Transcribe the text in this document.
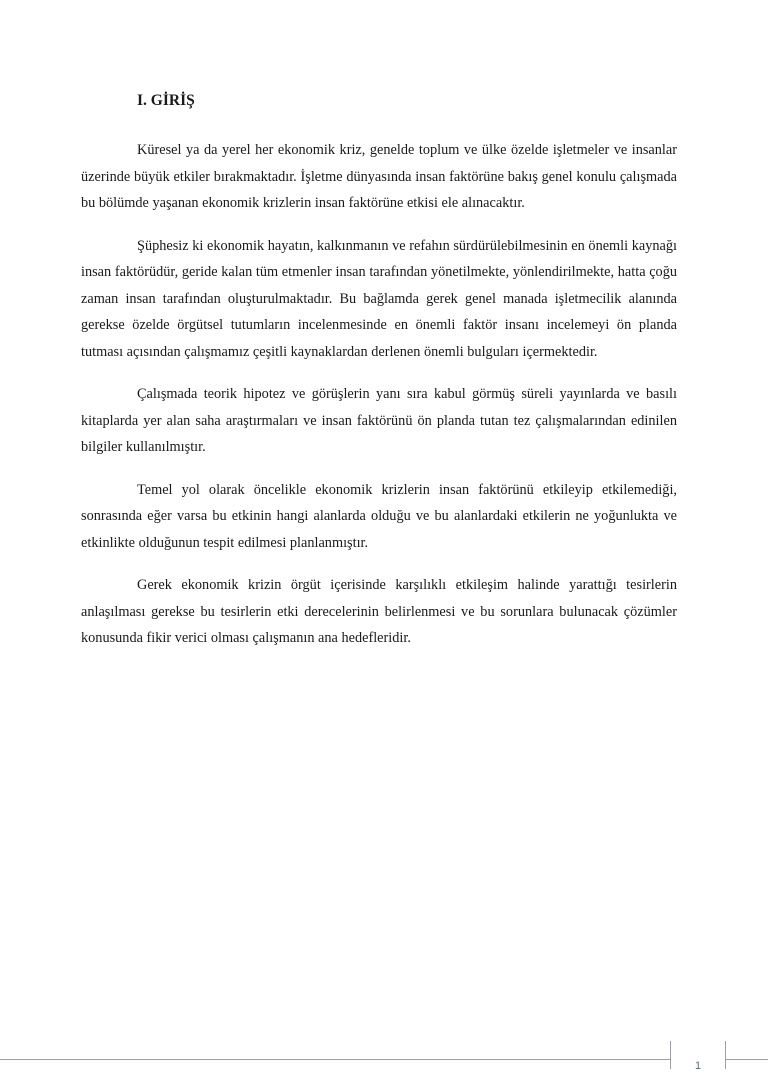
I. GİRİŞ

Küresel ya da yerel her ekonomik kriz, genelde toplum ve ülke özelde işletmeler ve insanlar üzerinde büyük etkiler bırakmaktadır. İşletme dünyasında insan faktörüne bakış genel konulu çalışmada bu bölümde yaşanan ekonomik krizlerin insan faktörüne etkisi ele alınacaktır.

Şüphesiz ki ekonomik hayatın, kalkınmanın ve refahın sürdürülebilmesinin en önemli kaynağı insan faktörüdür, geride kalan tüm etmenler insan tarafından yönetilmekte, yönlendirilmekte, hatta çoğu zaman insan tarafından oluşturulmaktadır. Bu bağlamda gerek genel manada işletmecilik alanında gerekse özelde örgütsel tutumların incelenmesinde en önemli faktör insanı incelemeyi ön planda tutması açısından çalışmamız çeşitli kaynaklardan derlenen önemli bulguları içermektedir.

Çalışmada teorik hipotez ve görüşlerin yanı sıra kabul görmüş süreli yayınlarda ve basılı kitaplarda yer alan saha araştırmaları ve insan faktörünü ön planda tutan tez çalışmalarından edinilen bilgiler kullanılmıştır.

Temel yol olarak öncelikle ekonomik krizlerin insan faktörünü etkileyip etkilemediği, sonrasında eğer varsa bu etkinin hangi alanlarda olduğu ve bu alanlardaki etkilerin ne yoğunlukta ve etkinlikte olduğunun tespit edilmesi planlanmıştır.

Gerek ekonomik krizin örgüt içerisinde karşılıklı etkileşim halinde yarattığı tesirlerin anlaşılması gerekse bu tesirlerin etki derecelerinin belirlenmesi ve bu sorunlara bulunacak çözümler konusunda fikir verici olması çalışmanın ana hedefleridir.

1
